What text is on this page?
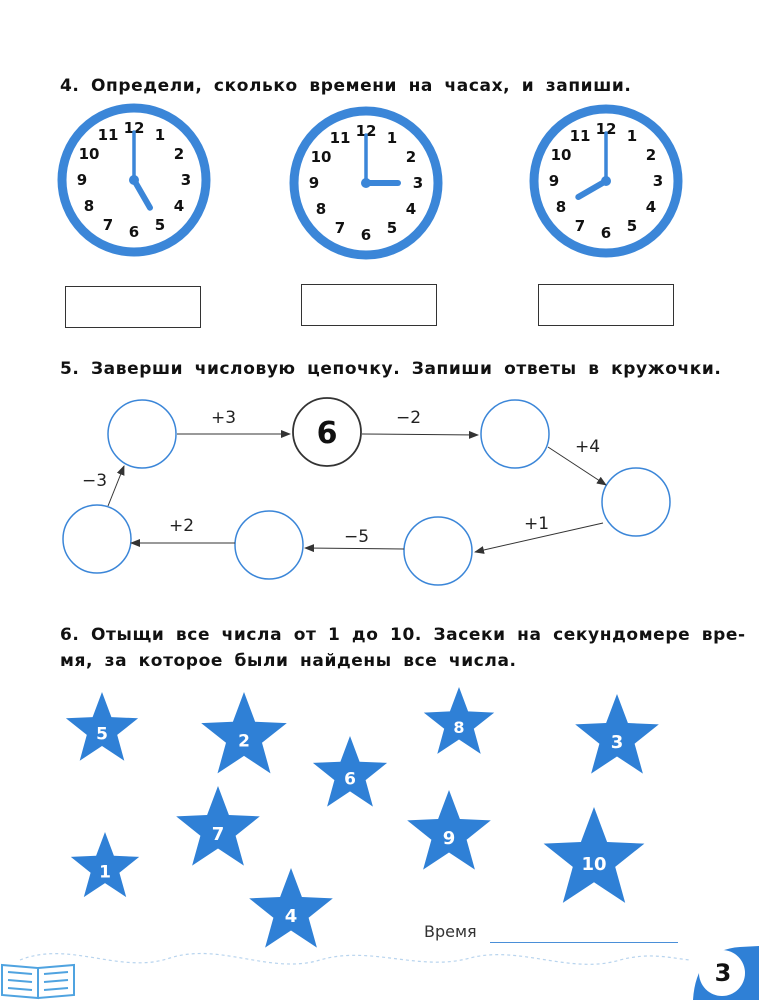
4. Определи, сколько времени на часах, и запиши.

12 1
2
3
4
5
6
7
8
9
10
11	12 1
2
3
4
5
6
7
8
9
10
11	12 1
2
3
4
5
6
7
8
9
10
11

5. Заверши числовую цепочку. Запиши ответы в кружочки.

6
+3	−2
+4
+1
−5
+2
−3

6. Отыщи все числа от 1 до 10. Засеки на секундомере вре-

мя, за которое были найдены все числа.

5	2
8
3
6
7	9
1	10
4
Время
3
